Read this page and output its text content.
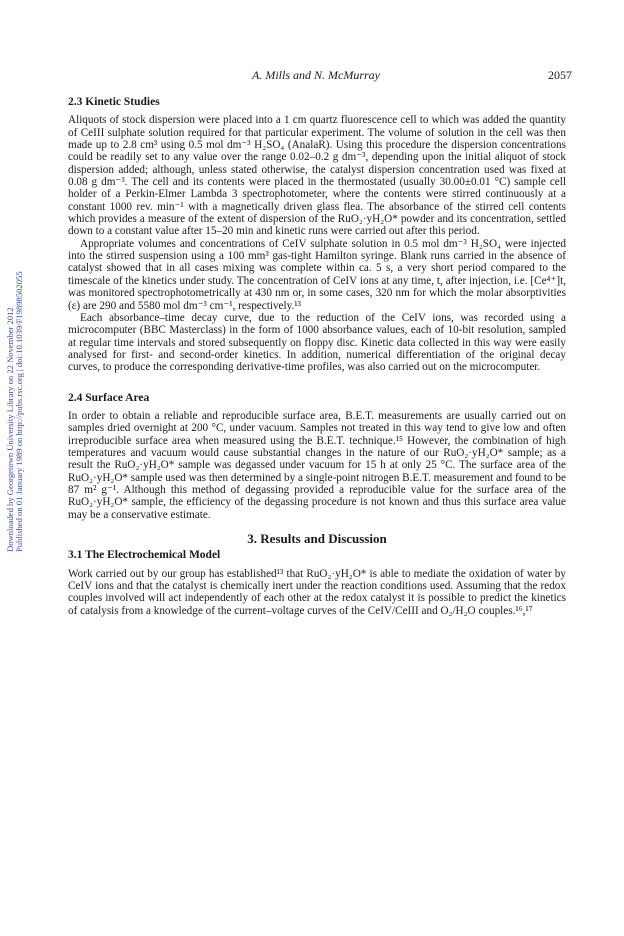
Downloaded by Georgetown University Library on 22 November 2012 Published on 01 January 1989 on http://pubs.rsc.org | doi:10.1039/F19898502055
A. Mills and N. McMurray	2057
2.3 Kinetic Studies

Aliquots of stock dispersion were placed into a 1 cm quartz fluorescence cell to which was added the quantity of CeIII sulphate solution required for that particular experiment. The volume of solution in the cell was then made up to 2.8 cm³ using 0.5 mol dm⁻³ H₂SO₄ (AnalaR). Using this procedure the dispersion concentrations could be readily set to any value over the range 0.02–0.2 g dm⁻³, depending upon the initial aliquot of stock dispersion added; although, unless stated otherwise, the catalyst dispersion concentration used was fixed at 0.08 g dm⁻³. The cell and its contents were placed in the thermostated (usually 30.00±0.01 °C) sample cell holder of a Perkin-Elmer Lambda 3 spectrophotometer, where the contents were stirred continuously at a constant 1000 rev. min⁻¹ with a magnetically driven glass flea. The absorbance of the stirred cell contents which provides a measure of the extent of dispersion of the RuO₂·yH₂O* powder and its concentration, settled down to a constant value after 15–20 min and kinetic runs were carried out after this period.

Appropriate volumes and concentrations of CeIV sulphate solution in 0.5 mol dm⁻³ H₂SO₄ were injected into the stirred suspension using a 100 mm³ gas-tight Hamilton syringe. Blank runs carried in the absence of catalyst showed that in all cases mixing was complete within ca. 5 s, a very short period compared to the timescale of the kinetics under study. The concentration of CeIV ions at any time, t, after injection, i.e. [Ce⁴⁺]t, was monitored spectrophotometrically at 430 nm or, in some cases, 320 nm for which the molar absorptivities (ε) are 290 and 5580 mol dm⁻³ cm⁻¹, respectively.¹³

Each absorbance–time decay curve, due to the reduction of the CeIV ions, was recorded using a microcomputer (BBC Masterclass) in the form of 1000 absorbance values, each of 10-bit resolution, sampled at regular time intervals and stored subsequently on floppy disc. Kinetic data collected in this way were easily analysed for first- and second-order kinetics. In addition, numerical differentiation of the original decay curves, to produce the corresponding derivative-time profiles, was also carried out on the microcomputer.

2.4 Surface Area

In order to obtain a reliable and reproducible surface area, B.E.T. measurements are usually carried out on samples dried overnight at 200 °C, under vacuum. Samples not treated in this way tend to give low and often irreproducible surface area when measured using the B.E.T. technique.¹⁵ However, the combination of high temperatures and vacuum would cause substantial changes in the nature of our RuO₂·yH₂O* sample; as a result the RuO₂·yH₂O* sample was degassed under vacuum for 15 h at only 25 °C. The surface area of the RuO₂·yH₂O* sample used was then determined by a single-point nitrogen B.E.T. measurement and found to be 87 m² g⁻¹. Although this method of degassing provided a reproducible value for the surface area of the RuO₂·yH₂O* sample, the efficiency of the degassing procedure is not known and thus this surface area value may be a conservative estimate.

3. Results and Discussion
3.1 The Electrochemical Model

Work carried out by our group has established¹³ that RuO₂·yH₂O* is able to mediate the oxidation of water by CeIV ions and that the catalyst is chemically inert under the reaction conditions used. Assuming that the redox couples involved will act independently of each other at the redox catalyst it is possible to predict the kinetics of catalysis from a knowledge of the current–voltage curves of the CeIV/CeIII and O₂/H₂O couples.¹⁶,¹⁷
